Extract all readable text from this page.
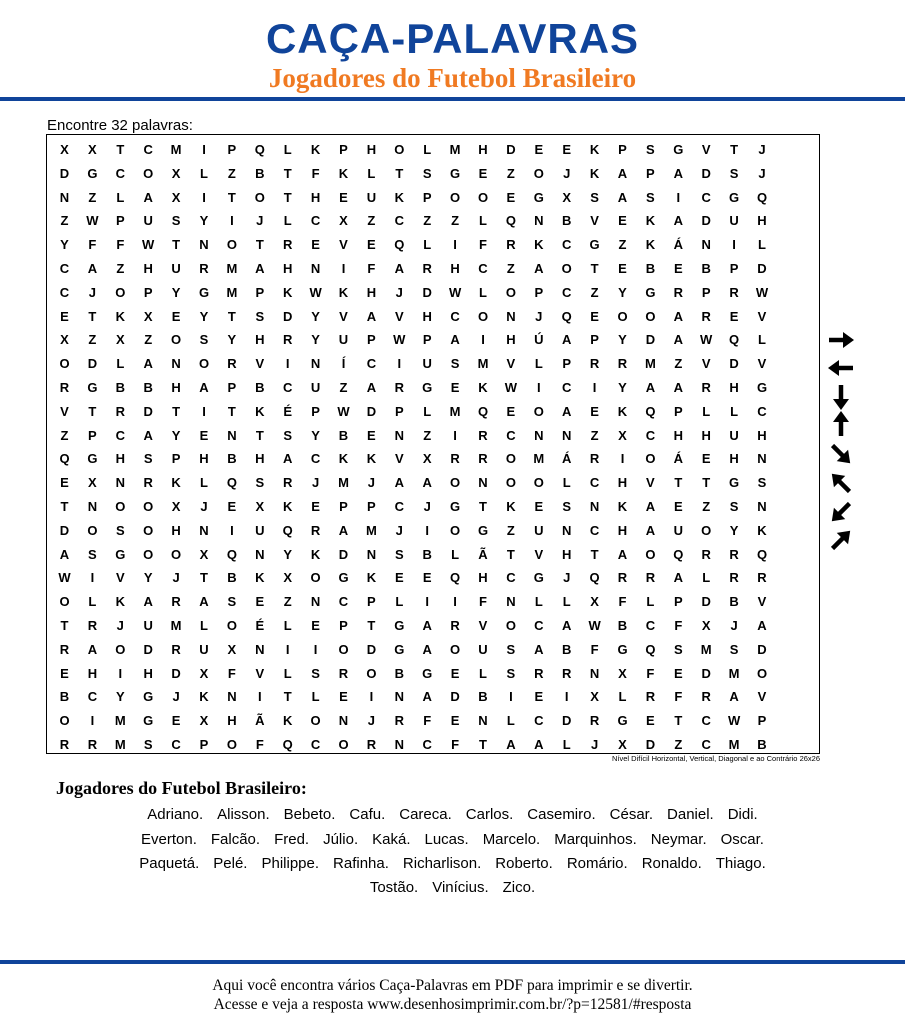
CAÇA-PALAVRAS
Jogadores do Futebol Brasileiro
Encontre 32 palavras:
X	X	T	C	M	I	P	Q	L	K	P	H	O	L	M	H	D	E	E	K	P	S	G	V	T	J
D	G	C	O	X	L	Z	B	T	F	K	L	T	S	G	E	Z	O	J	K	A	P	A	D	S	J
N	Z	L	A	X	I	T	O	T	H	E	U	K	P	O	O	E	G	X	S	A	S	I	C	G	Q
Z	W	P	U	S	Y	I	J	L	C	X	Z	C	Z	Z	L	Q	N	B	V	E	K	A	D	U	H
Y	F	F	W	T	N	O	T	R	E	V	E	Q	L	I	F	R	K	C	G	Z	K	Á	N	I	L
C	A	Z	H	U	R	M	A	H	N	I	F	A	R	H	C	Z	A	O	T	E	B	E	B	P	D
C	J	O	P	Y	G	M	P	K	W	K	H	J	D	W	L	O	P	C	Z	Y	G	R	P	R	W
E	T	K	X	E	Y	T	S	D	Y	V	A	V	H	C	O	N	J	Q	E	O	O	A	R	E	V
X	Z	X	Z	O	S	Y	H	R	Y	U	P	W	P	A	I	H	Ú	A	P	Y	D	A	W	Q	L
O	D	L	A	N	O	R	V	I	N	Í	C	I	U	S	M	V	L	P	R	R	M	Z	V	D	V
R	G	B	B	H	A	P	B	C	U	Z	A	R	G	E	K	W	I	C	I	Y	A	A	R	H	G
V	T	R	D	T	I	T	K	É	P	W	D	P	L	M	Q	E	O	A	E	K	Q	P	L	L	C
Z	P	C	A	Y	E	N	T	S	Y	B	E	N	Z	I	R	C	N	N	Z	X	C	H	H	U	H
Q	G	H	S	P	H	B	H	A	C	K	K	V	X	R	R	O	M	Á	R	I	O	Á	E	H	N
E	X	N	R	K	L	Q	S	R	J	M	J	A	A	O	N	O	O	L	C	H	V	T	T	G	S
T	N	O	O	X	J	E	X	K	E	P	P	C	J	G	T	K	E	S	N	K	A	E	Z	S	N
D	O	S	O	H	N	I	U	Q	R	A	M	J	I	O	G	Z	U	N	C	H	A	U	O	Y	K
A	S	G	O	O	X	Q	N	Y	K	D	N	S	B	L	Ã	T	V	H	T	A	O	Q	R	R	Q
W	I	V	Y	J	T	B	K	X	O	G	K	E	E	Q	H	C	G	J	Q	R	R	A	L	R	R
O	L	K	A	R	A	S	E	Z	N	C	P	L	I	I	F	N	L	L	X	F	L	P	D	B	V
T	R	J	U	M	L	O	É	L	E	P	T	G	A	R	V	O	C	A	W	B	C	F	X	J	A
R	A	O	D	R	U	X	N	I	I	O	D	G	A	O	U	S	A	B	F	G	Q	S	M	S	D
E	H	I	H	D	X	F	V	L	S	R	O	B	G	E	L	S	R	R	N	X	F	E	D	M	O
B	C	Y	G	J	K	N	I	T	L	E	I	N	A	D	B	I	E	I	X	L	R	F	R	A	V
O	I	M	G	E	X	H	Ã	K	O	N	J	R	F	E	N	L	C	D	R	G	E	T	C	W	P
R	R	M	S	C	P	O	F	Q	C	O	R	N	C	F	T	A	A	L	J	X	D	Z	C	M	B
Nível Difícil Horizontal, Vertical, Diagonal e ao Contrário 26x26
Jogadores do Futebol Brasileiro:
Adriano. Alisson. Bebeto. Cafu. Careca. Carlos. Casemiro. César. Daniel. Didi.
Everton. Falcão. Fred. Júlio. Kaká. Lucas. Marcelo. Marquinhos. Neymar. Oscar.
Paquetá. Pelé. Philippe. Rafinha. Richarlison. Roberto. Romário. Ronaldo. Thiago.
Tostão. Vinícius. Zico.
Aqui você encontra vários Caça-Palavras em PDF para imprimir e se divertir.
Acesse e veja a resposta www.desenhosimprimir.com.br/?p=12581/#resposta
